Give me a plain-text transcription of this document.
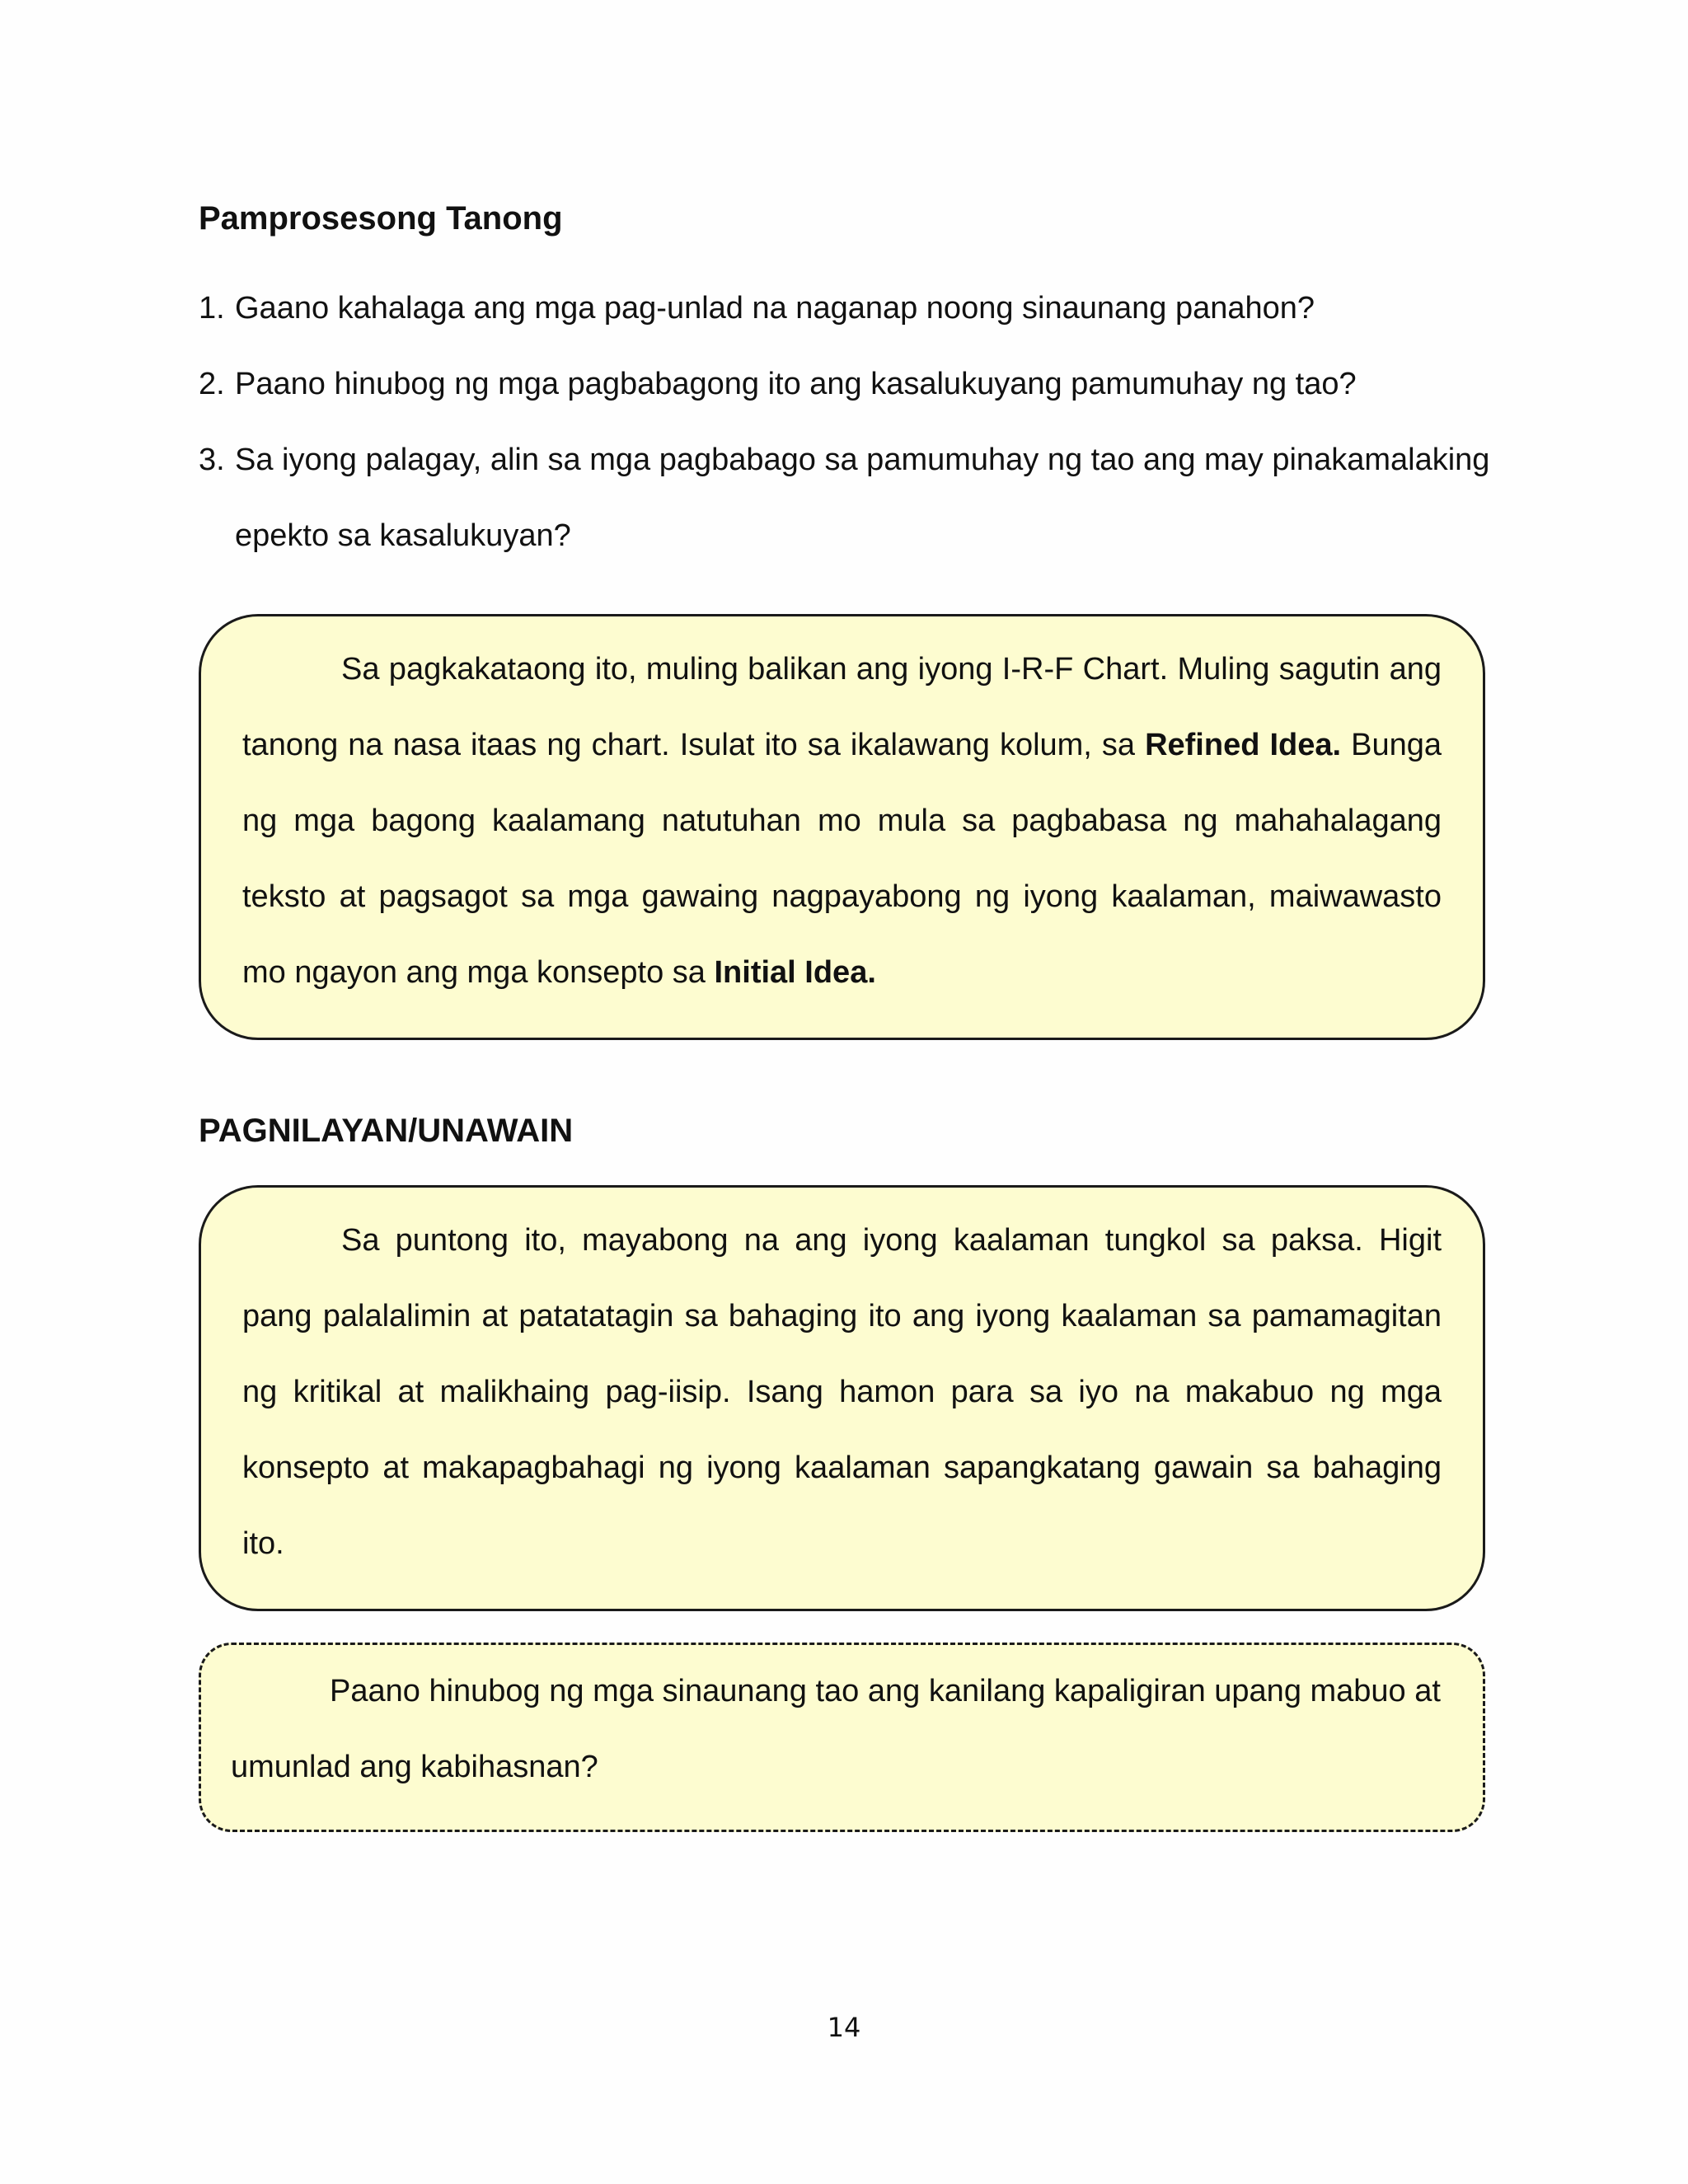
Pamprosesong Tanong
1. Gaano kahalaga ang mga pag-unlad na naganap noong sinaunang panahon?
2. Paano hinubog ng mga pagbabagong ito ang kasalukuyang pamumuhay ng tao?
3. Sa iyong palagay, alin sa mga pagbabago sa pamumuhay ng tao ang may pinakamalaking epekto sa kasalukuyan?

Sa pagkakataong ito, muling balikan ang iyong I-R-F Chart. Muling sagutin ang tanong na nasa itaas ng chart. Isulat ito sa ikalawang kolum, sa Refined Idea. Bunga ng mga bagong kaalamang natutuhan mo mula sa pagbabasa ng mahahalagang teksto at pagsagot sa mga gawaing nagpayabong ng iyong kaalaman, maiwawasto mo ngayon ang mga konsepto sa Initial Idea.

PAGNILAYAN/UNAWAIN

Sa puntong ito, mayabong na ang iyong kaalaman tungkol sa paksa. Higit pang palalalimin at patatatagin sa bahaging ito ang iyong kaalaman sa pamamagitan ng kritikal at malikhaing pag-iisip. Isang hamon para sa iyo na makabuo ng mga konsepto at makapagbahagi ng iyong kaalaman sapangkatang gawain sa bahaging ito.

Paano hinubog ng mga sinaunang tao ang kanilang kapaligiran upang mabuo at umunlad ang kabihasnan?

14
